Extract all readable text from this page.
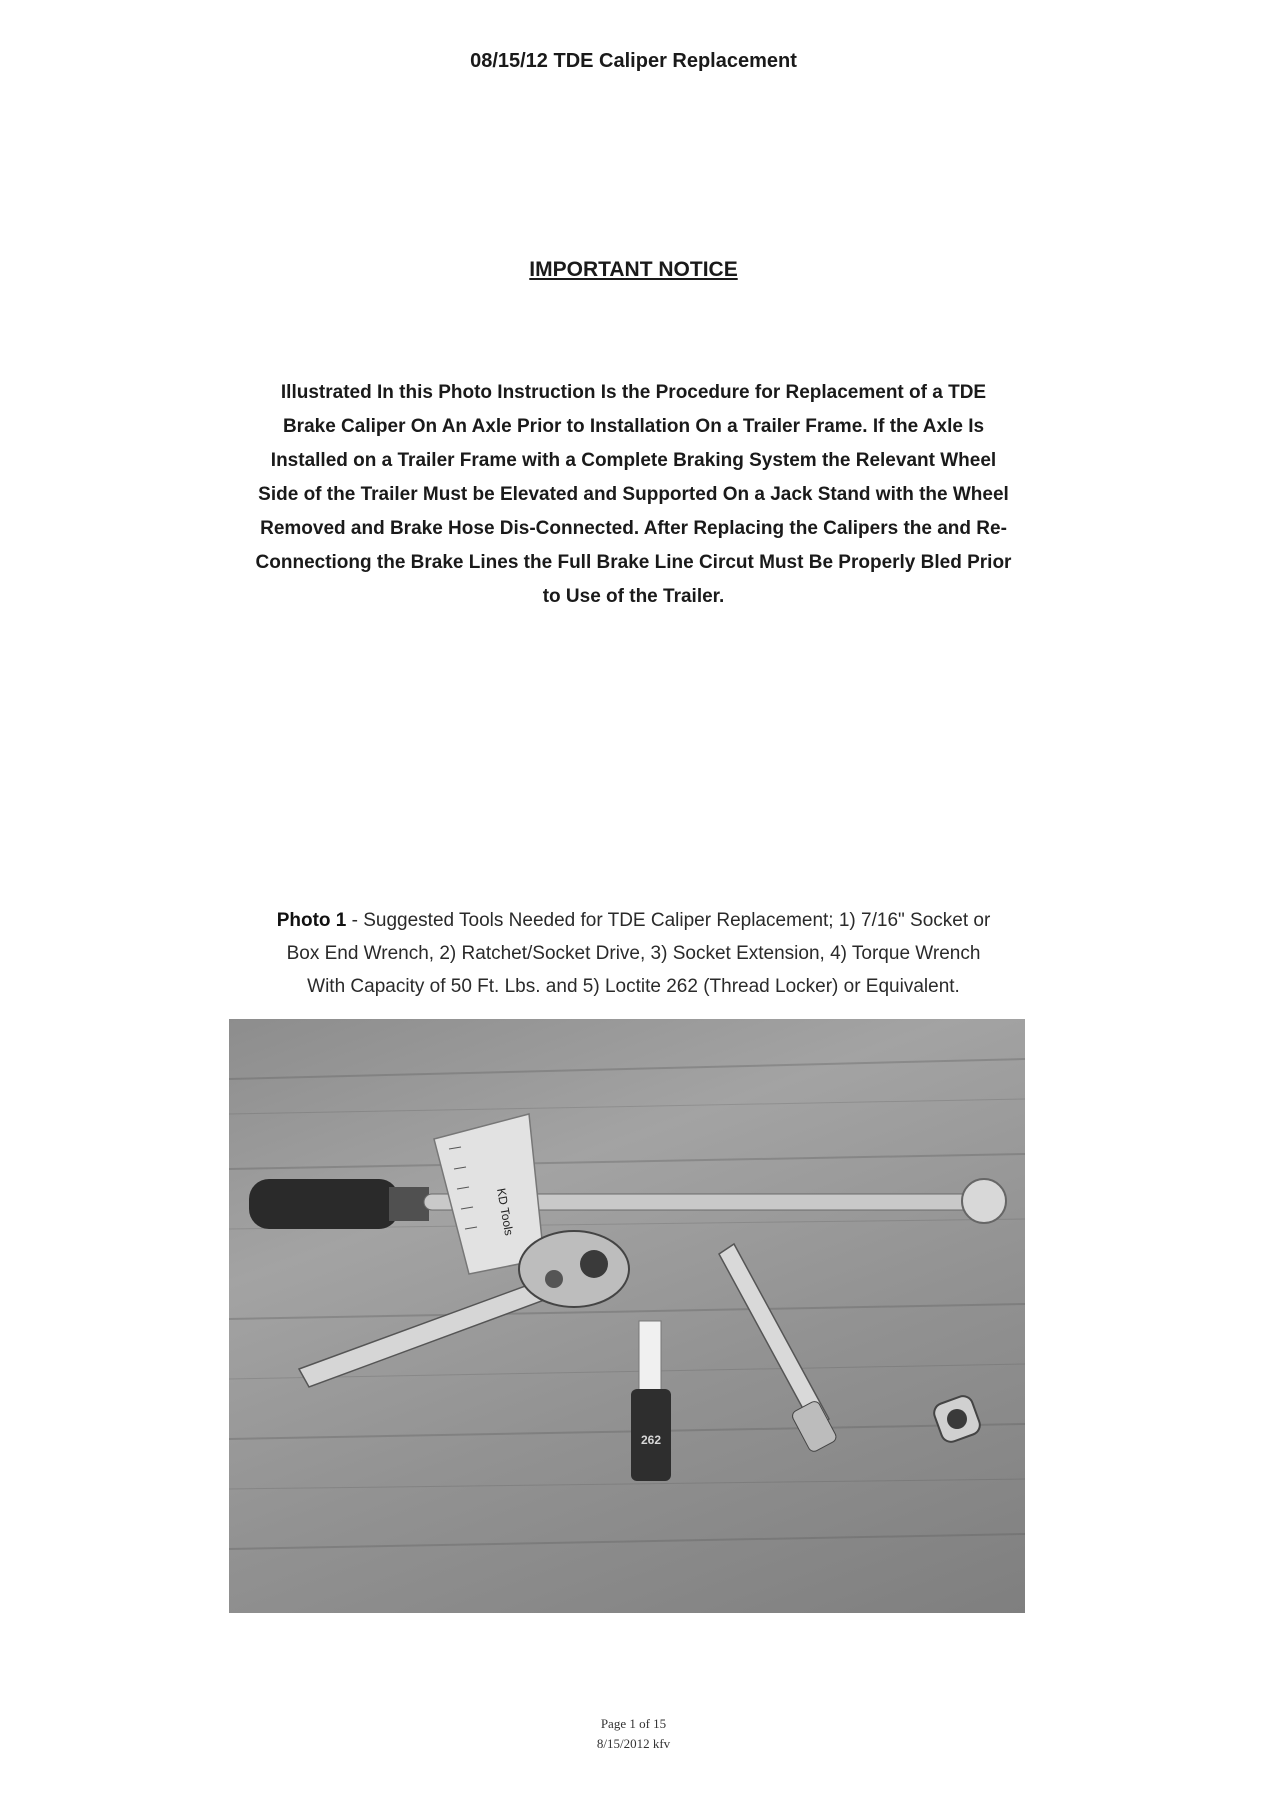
08/15/12 TDE Caliper Replacement
IMPORTANT NOTICE
Illustrated In this Photo Instruction Is the Procedure for Replacement of a TDE
Brake Caliper On An Axle Prior to Installation On a Trailer Frame. If the Axle Is
Installed on a Trailer Frame with a Complete Braking System the Relevant Wheel
Side of the Trailer Must be Elevated and Supported On a Jack Stand with the Wheel
Removed and Brake Hose Dis-Connected. After Replacing the Calipers the and Re-
Connectiong the Brake Lines the Full Brake Line Circut Must Be Properly Bled Prior
to Use of the Trailer.
Photo 1 - Suggested Tools Needed for TDE Caliper Replacement; 1) 7/16" Socket or
Box End Wrench, 2) Ratchet/Socket Drive, 3) Socket Extension, 4) Torque Wrench
With Capacity of 50 Ft. Lbs. and 5) Loctite 262 (Thread Locker) or Equivalent.
KD Tools
262
Page 1 of 15
8/15/2012 kfv
